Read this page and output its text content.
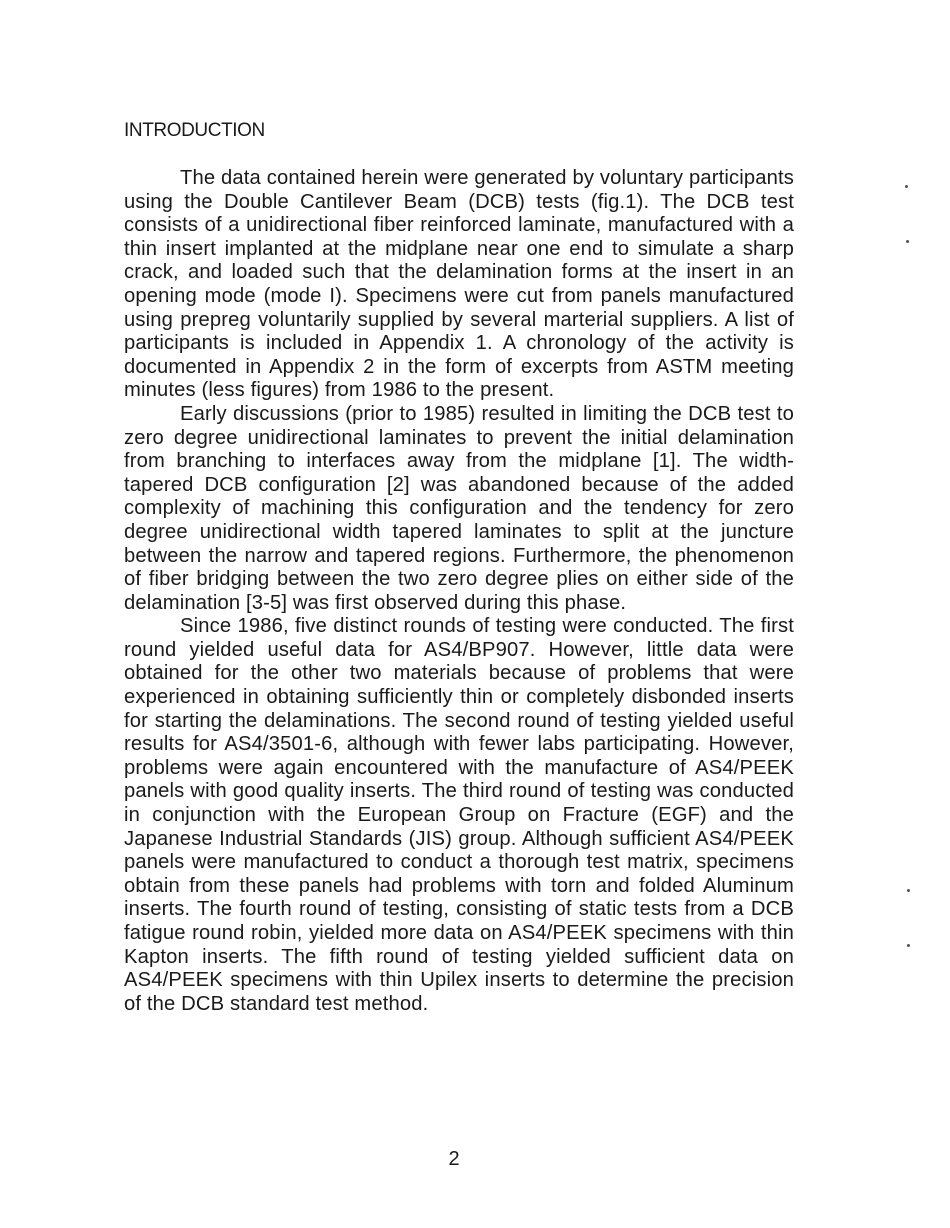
INTRODUCTION

The data contained herein were generated by voluntary participants using the Double Cantilever Beam (DCB) tests (fig.1). The DCB test consists of a unidirectional fiber reinforced laminate, manufactured with a thin insert implanted at the midplane near one end to simulate a sharp crack, and loaded such that the delamination forms at the insert in an opening mode (mode I). Specimens were cut from panels manufactured using prepreg voluntarily supplied by several marterial suppliers. A list of participants is included in Appendix 1. A chronology of the activity is documented in Appendix 2 in the form of excerpts from ASTM meeting minutes (less figures) from 1986 to the present.

Early discussions (prior to 1985) resulted in limiting the DCB test to zero degree unidirectional laminates to prevent the initial delamination from branching to interfaces away from the midplane [1]. The width-tapered DCB configuration [2] was abandoned because of the added complexity of machining this configuration and the tendency for zero degree unidirectional width tapered laminates to split at the juncture between the narrow and tapered regions. Furthermore, the phenomenon of fiber bridging between the two zero degree plies on either side of the delamination [3-5] was first observed during this phase.

Since 1986, five distinct rounds of testing were conducted. The first round yielded useful data for AS4/BP907. However, little data were obtained for the other two materials because of problems that were experienced in obtaining sufficiently thin or completely disbonded inserts for starting the delaminations. The second round of testing yielded useful results for AS4/3501-6, although with fewer labs participating. However, problems were again encountered with the manufacture of AS4/PEEK panels with good quality inserts. The third round of testing was conducted in conjunction with the European Group on Fracture (EGF) and the Japanese Industrial Standards (JIS) group. Although sufficient AS4/PEEK panels were manufactured to conduct a thorough test matrix, specimens obtain from these panels had problems with torn and folded Aluminum inserts. The fourth round of testing, consisting of static tests from a DCB fatigue round robin, yielded more data on AS4/PEEK specimens with thin Kapton inserts. The fifth round of testing yielded sufficient data on AS4/PEEK specimens with thin Upilex inserts to determine the precision of the DCB standard test method.

2
